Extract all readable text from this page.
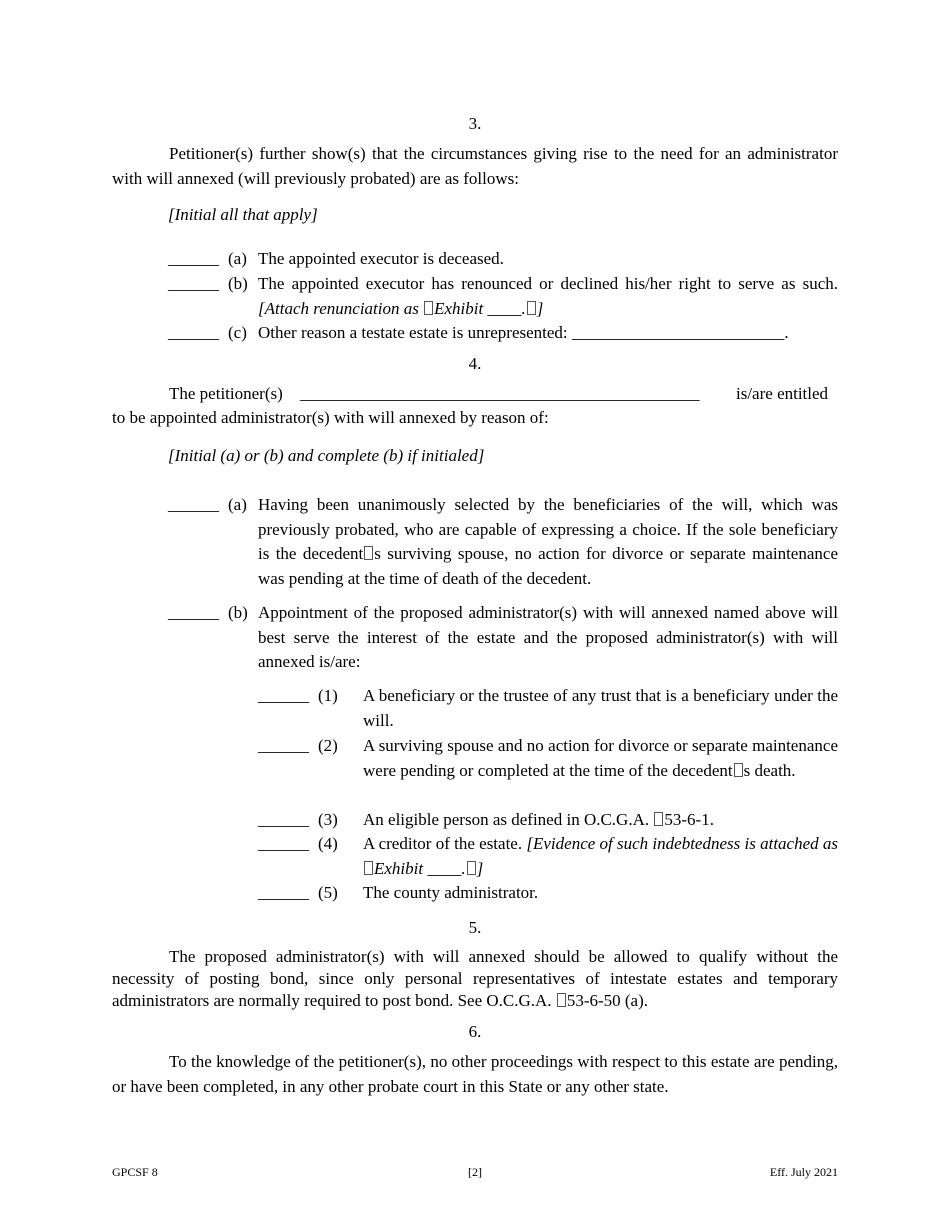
3.
Petitioner(s) further show(s) that the circumstances giving rise to the need for an administrator with will annexed (will previously probated) are as follows:
[Initial all that apply]
______ (a) The appointed executor is deceased.
______ (b) The appointed executor has renounced or declined his/her right to serve as such. [Attach renunciation as Exhibit ____. ]
______ (c) Other reason a testate estate is unrepresented: _________________________.
4.
The petitioner(s) _______________________________________________ is/are entitled
to be appointed administrator(s) with will annexed by reason of:
[Initial (a) or (b) and complete (b) if initialed]
______ (a) Having been unanimously selected by the beneficiaries of the will, which was previously probated, who are capable of expressing a choice. If the sole beneficiary is the decedent s surviving spouse, no action for divorce or separate maintenance was pending at the time of death of the decedent.
______ (b) Appointment of the proposed administrator(s) with will annexed named above will best serve the interest of the estate and the proposed administrator(s) with will annexed is/are:
______ (1) A beneficiary or the trustee of any trust that is a beneficiary under the will.
______ (2) A surviving spouse and no action for divorce or separate maintenance were pending or completed at the time of the decedent s death.
______ (3) An eligible person as defined in O.C.G.A. 53-6-1.
______ (4) A creditor of the estate. [Evidence of such indebtedness is attached as Exhibit ____. ]
______ (5) The county administrator.
5.
The proposed administrator(s) with will annexed should be allowed to qualify without the necessity of posting bond, since only personal representatives of intestate estates and temporary administrators are normally required to post bond. See O.C.G.A. 53-6-50 (a).
6.
To the knowledge of the petitioner(s), no other proceedings with respect to this estate are pending, or have been completed, in any other probate court in this State or any other state.
GPCSF 8	[2]	Eff. July 2021
